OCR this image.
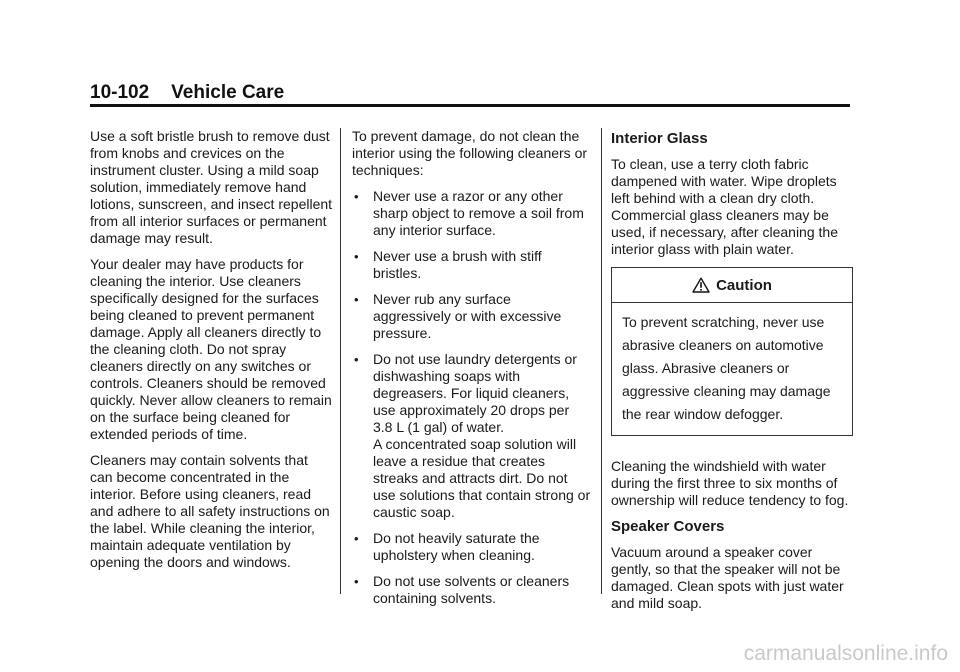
10-102 Vehicle Care

Use a soft bristle brush to remove dust from knobs and crevices on the instrument cluster. Using a mild soap solution, immediately remove hand lotions, sunscreen, and insect repellent from all interior surfaces or permanent damage may result.

Your dealer may have products for cleaning the interior. Use cleaners specifically designed for the surfaces being cleaned to prevent permanent damage. Apply all cleaners directly to the cleaning cloth. Do not spray cleaners directly on any switches or controls. Cleaners should be removed quickly. Never allow cleaners to remain on the surface being cleaned for extended periods of time.

Cleaners may contain solvents that can become concentrated in the interior. Before using cleaners, read and adhere to all safety instructions on the label. While cleaning the interior, maintain adequate ventilation by opening the doors and windows.

To prevent damage, do not clean the interior using the following cleaners or techniques:

• Never use a razor or any other sharp object to remove a soil from any interior surface.
• Never use a brush with stiff bristles.
• Never rub any surface aggressively or with excessive pressure.
• Do not use laundry detergents or dishwashing soaps with degreasers. For liquid cleaners, use approximately 20 drops per 3.8 L (1 gal) of water.
A concentrated soap solution will leave a residue that creates streaks and attracts dirt. Do not use solutions that contain strong or caustic soap.
• Do not heavily saturate the upholstery when cleaning.
• Do not use solvents or cleaners containing solvents.
Interior Glass

To clean, use a terry cloth fabric dampened with water. Wipe droplets left behind with a clean dry cloth. Commercial glass cleaners may be used, if necessary, after cleaning the interior glass with plain water.

Caution
To prevent scratching, never use abrasive cleaners on automotive glass. Abrasive cleaners or aggressive cleaning may damage the rear window defogger.

Cleaning the windshield with water during the first three to six months of ownership will reduce tendency to fog.

Speaker Covers

Vacuum around a speaker cover gently, so that the speaker will not be damaged. Clean spots with just water and mild soap.

carmanualsonline.info
